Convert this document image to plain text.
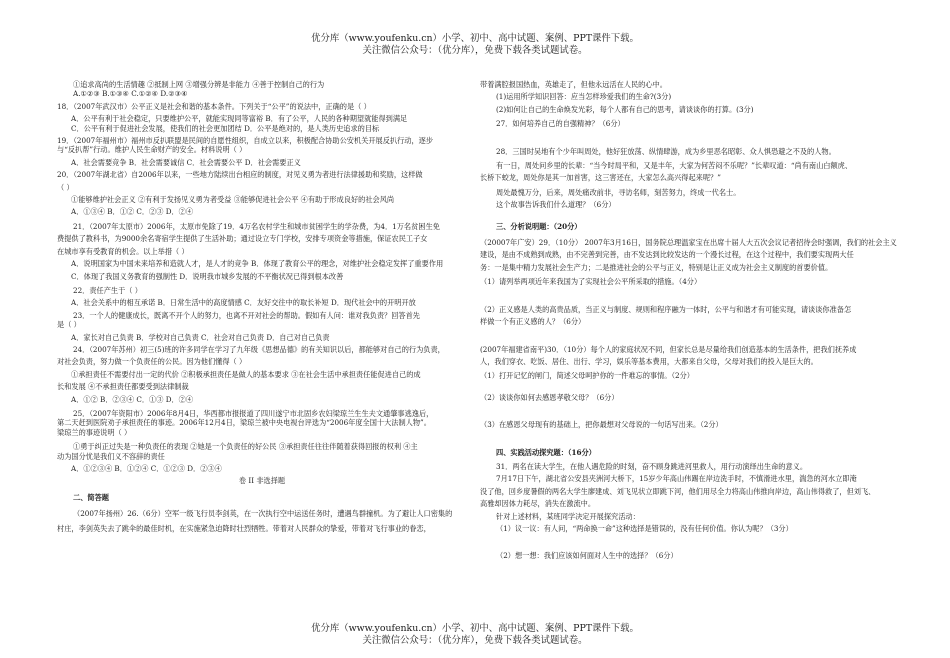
优分库（www.youfenku.cn）小学、初中、高中试题、案例、PPT课件下载。
关注微信公众号：（优分库），免费下载各类试题试卷。
①追求高尚的生活情趣 ②抵制上网 ③增强分辨是非能力 ④善于控制自己的行为
A.①②③ B.①③④ C.①②④ D.②③④
18．（2007年武汉市）公平正义是社会和谐的基本条件。下列关于“公平”的说法中，正确的是（ ）
A．公平有利于社会稳定，只要维护公平，就能实现同等富裕 B．有了公平，人民的各种期望就能得到满足
C．公平有利于促进社会发展，使我们的社会更加团结 D．公平是绝对的，是人类历史追求的目标
19．（2007年福州市）福州市反扒联盟是民间的自愿性组织，自成立以来，积极配合协助公安机关开展反扒行动，逐步
与“反扒帮”行动。维护人民生命财产的安全。材料说明（ ）
A．社会需要竞争 B．社会需要诚信 C．社会需要公平 D．社会需要正义
20．（2007年湖北省）自2006年以来，一些地方陆续出台相应的制度，对见义勇为者进行法律援助和奖励，这样做
（ ）
①能够维护社会正义 ②有利于发扬见义勇为者受益 ③能够促进社会公平 ④有助于形成良好的社会风尚
A．①③④ B．①② C．②③ D．②④
21．（2007年太原市）2006年，太原市免除了19．4万名农村学生和城市贫困学生的学杂费，为4．1万名贫困生免
费提供了教科书，为9000余名寄宿学生提供了生活补助；通过设立专门学校，安排专项资金等措施，保证农民工子女
在城市享有受教育的机会。以上举措（ ）
A．说明国家为中国未来培养和造就人才，是人才的竞争 B．体现了教育公平的理念，对维护社会稳定发挥了重要作用
C．体现了我国义务教育的强制性 D．说明我市城乡发展的不平衡状况已得到根本改善
22．责任产生于（ ）
A．社会关系中的相互承诺 B．日常生活中的高度情感 C．友好交往中的取长补短 D．现代社会中的开明开放
23．一个人的健康成长，既离不开个人的努力，也离不开对社会的帮助。假如有人问：谁对我负责？回答首先
是（ ）
A．家长对自己负责 B．学校对自己负责 C．社会对自己负责 D．自己对自己负责
24．（2007年苏州）初三(5)班的许多同学在学习了九年级《思想品德》的有关知识以后，都能够对自己的行为负责，
对社会负责，努力做一个负责任的公民。因为他们懂得（ ）
①承担责任不需要付出一定的代价 ②积极承担责任是做人的基本要求 ③在社会生活中承担责任能促进自己的成
长和发展 ④不承担责任都要受到法律制裁
A．①② B．②③④ C．①③ D．②④
25．（2007年资阳市）2006年8月4日，华西都市报报道了四川遂宁市北固乡农妇梁琼兰生生夫文通肇事逃逸后，
第二天赶到医院劝子承担责任的事迹。2006年12月4日，梁琼兰被中央电视台评选为“2006年度全国十大法制人物”。
梁琼兰的事迹说明（ ）
①勇于纠正过失是一种负责任的表现 ②她是一个负责任的好公民 ③承担责任往往伴随着获得回报的权利 ④主
动为国分忧是我们义不容辞的责任
A．①②③④ B．①②④ C．①②③ D．②③④
卷 II 非选择题
二、简答题
（2007年扬州）26.（6分）空军一级飞行员李剑英，在一次执行空中运送任务时，遭遇鸟群撞机。为了避让人口密集的
村庄，李剑英失去了跳伞的最佳时机，在实施紧急迫降时壮烈牺牲。带着对人民群众的挚爱，带着对飞行事业的眷恋，
带着满腔报国热血，英雄走了，但他永远活在人民的心中。
(1)运用所学知识回答：应当怎样珍爱我们的生命?(3分)
(2)如何让自己的生命焕发光彩，每个人都有自己的思考，请谈谈你的打算。(3分)
27．如何培养自己的自强精神？（6分）
28．三国时吴地有个少年叫周处，他好狂放荡、纵情肆游，成为乡里恶名昭彰、众人惧恐避之不及的人物。
有一日，周处问乡里的长辈：“当今时局平和，又是丰年，大家为何苦闷不乐呢？”长辈叹道：“尚有南山白额虎、
长桥下蛟龙，周处你是其一加首害，这三害还在，大家怎么高兴得起来呢？”
周处最愧万分，后来，周处痛改前非，寻访名师，刻苦努力，终成一代名士。
这个故事告诉我们什么道理？（6分）
三、分析说明题：（20分）
（20007年广安）29．（10分） 2007年3月16日，国务院总理温家宝在出席十届人大五次会议记者招待会时强调，我们的社会主义
建设，是由不成熟到成熟，由不完善到完善，由不发达到比较发达的一个漫长过程，在这个过程中，我们要实现两大任
务：一是集中精力发展社会生产力；二是推进社会的公平与正义，特别是让正义成为社会主义制度的首要价值。
（1）请列举两项近年来我国为了实现社会公平所采取的措施。（4分）
（2）正义感是人类的高贵品质，当正义与制度、规则和程序融为一体时，公平与和谐才有可能实现，请谈谈你准备怎
样做一个有正义感的人？（6分）
(2007年福建省南平)30．（10分）每个人的家庭状况不同，但家长总是尽量给我们创造基本的生活条件，把我们抚养成
人，我们穿衣、吃饭、居住、出行、学习，娱乐等基本费用，大都来自父母，父母对我们的投入是巨大的。
（1）打开记忆的闸门，简述父母呵护你的一件难忘的事情。（2分）
（2）谈谈你如何去感恩孝敬父母？（6分）
（3）在感恩父母现有的基础上，把你最想对父母说的一句话写出来。（2分）
四、实践活动探究题：（16分）
31．两名在读大学生，在他人遇危险的时刻，奋不顾身跳进河里救人，用行动演绎出生命的意义。
7月17日下午，湖北省公安县夹洲河大桥下，15岁少年高山伟踢在岸边洗手时，不慎滑进水里，湍急的河水立即淹
没了他，回乡度暑假的两名大学生廖建成、刘飞见状立即跳下河，他们用尽全力将高山伟推向岸边，高山伟得救了，但刘飞、
高雅却因体力耗尽，消失在激流中。
针对上述材料，某班同学决定开展探究活动：
（1）议一议：有人问，“两命换一命”这种选择是错误的，没有任何价值。你认为呢？（3分）
（2）想一想：我们应该如何面对人生中的选择？（6分）
优分库（www.youfenku.cn）小学、初中、高中试题、案例、PPT课件下载。
关注微信公众号：（优分库），免费下载各类试题试卷。
